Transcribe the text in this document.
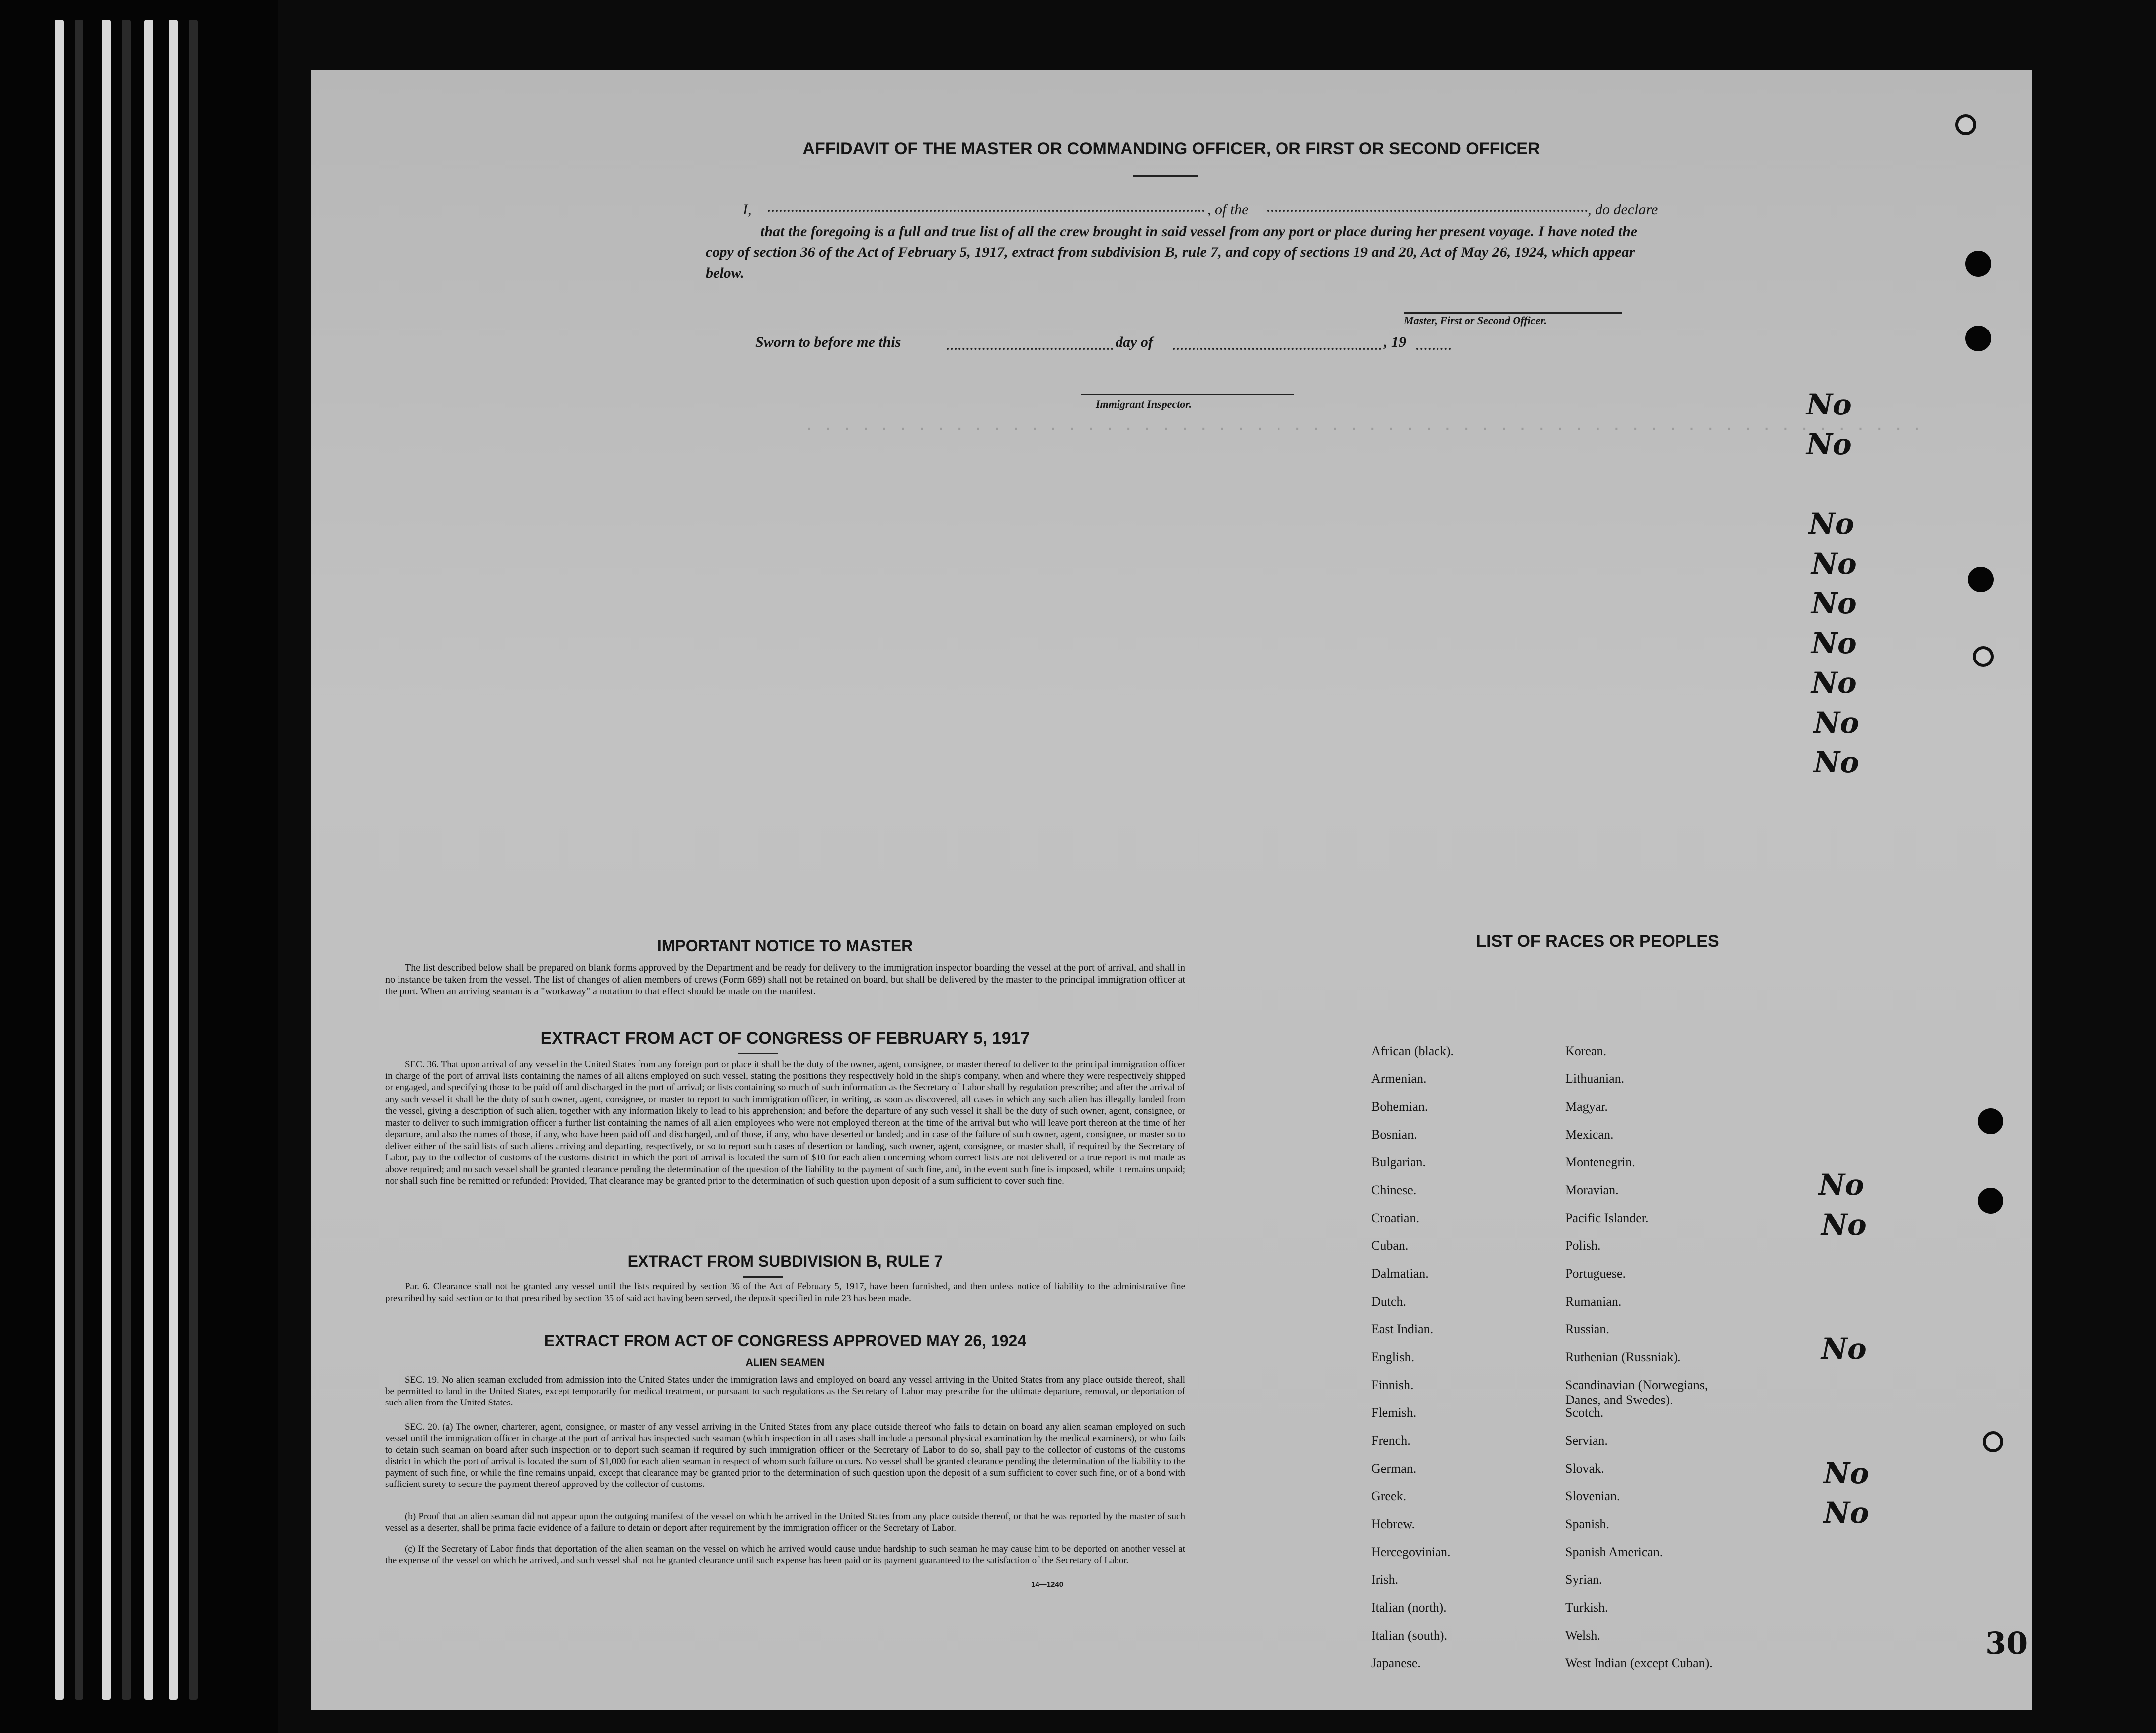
AFFIDAVIT OF THE MASTER OR COMMANDING OFFICER, OR FIRST OR SECOND OFFICER
I,	, of the	, do declare
that the foregoing is a full and true list of all the crew brought in said vessel from any port or place during her present voyage. I have noted the copy of section 36 of the Act of February 5, 1917, extract from subdivision B, rule 7, and copy of sections 19 and 20, Act of May 26, 1924, which appear below.
Master, First or Second Officer.
Sworn to before me this	day of	, 19
Immigrant Inspector.
............................................................
No
No
No
No
No
No
No
No
No
No
No
No
No
No
30
IMPORTANT NOTICE TO MASTER
The list described below shall be prepared on blank forms approved by the Department and be ready for delivery to the immigration inspector boarding the vessel at the port of arrival, and shall in no instance be taken from the vessel. The list of changes of alien members of crews (Form 689) shall not be retained on board, but shall be delivered by the master to the principal immigration officer at the port. When an arriving seaman is a "workaway" a notation to that effect should be made on the manifest.
EXTRACT FROM ACT OF CONGRESS OF FEBRUARY 5, 1917
SEC. 36. That upon arrival of any vessel in the United States from any foreign port or place it shall be the duty of the owner, agent, consignee, or master thereof to deliver to the principal immigration officer in charge of the port of arrival lists containing the names of all aliens employed on such vessel, stating the positions they respectively hold in the ship's company, when and where they were respectively shipped or engaged, and specifying those to be paid off and discharged in the port of arrival; or lists containing so much of such information as the Secretary of Labor shall by regulation prescribe; and after the arrival of any such vessel it shall be the duty of such owner, agent, consignee, or master to report to such immigration officer, in writing, as soon as discovered, all cases in which any such alien has illegally landed from the vessel, giving a description of such alien, together with any information likely to lead to his apprehension; and before the departure of any such vessel it shall be the duty of such owner, agent, consignee, or master to deliver to such immigration officer a further list containing the names of all alien employees who were not employed thereon at the time of the arrival but who will leave port thereon at the time of her departure, and also the names of those, if any, who have been paid off and discharged, and of those, if any, who have deserted or landed; and in case of the failure of such owner, agent, consignee, or master so to deliver either of the said lists of such aliens arriving and departing, respectively, or so to report such cases of desertion or landing, such owner, agent, consignee, or master shall, if required by the Secretary of Labor, pay to the collector of customs of the customs district in which the port of arrival is located the sum of $10 for each alien concerning whom correct lists are not delivered or a true report is not made as above required; and no such vessel shall be granted clearance pending the determination of the question of the liability to the payment of such fine, and, in the event such fine is imposed, while it remains unpaid; nor shall such fine be remitted or refunded: Provided, That clearance may be granted prior to the determination of such question upon deposit of a sum sufficient to cover such fine.
EXTRACT FROM SUBDIVISION B, RULE 7
Par. 6. Clearance shall not be granted any vessel until the lists required by section 36 of the Act of February 5, 1917, have been furnished, and then unless notice of liability to the administrative fine prescribed by said section or to that prescribed by section 35 of said act having been served, the deposit specified in rule 23 has been made.
EXTRACT FROM ACT OF CONGRESS APPROVED MAY 26, 1924
ALIEN SEAMEN
SEC. 19. No alien seaman excluded from admission into the United States under the immigration laws and employed on board any vessel arriving in the United States from any place outside thereof, shall be permitted to land in the United States, except temporarily for medical treatment, or pursuant to such regulations as the Secretary of Labor may prescribe for the ultimate departure, removal, or deportation of such alien from the United States.
SEC. 20. (a) The owner, charterer, agent, consignee, or master of any vessel arriving in the United States from any place outside thereof who fails to detain on board any alien seaman employed on such vessel until the immigration officer in charge at the port of arrival has inspected such seaman (which inspection in all cases shall include a personal physical examination by the medical examiners), or who fails to detain such seaman on board after such inspection or to deport such seaman if required by such immigration officer or the Secretary of Labor to do so, shall pay to the collector of customs of the customs district in which the port of arrival is located the sum of $1,000 for each alien seaman in respect of whom such failure occurs. No vessel shall be granted clearance pending the determination of the liability to the payment of such fine, or while the fine remains unpaid, except that clearance may be granted prior to the determination of such question upon the deposit of a sum sufficient to cover such fine, or of a bond with sufficient surety to secure the payment thereof approved by the collector of customs.
(b) Proof that an alien seaman did not appear upon the outgoing manifest of the vessel on which he arrived in the United States from any place outside thereof, or that he was reported by the master of such vessel as a deserter, shall be prima facie evidence of a failure to detain or deport after requirement by the immigration officer or the Secretary of Labor.
(c) If the Secretary of Labor finds that deportation of the alien seaman on the vessel on which he arrived would cause undue hardship to such seaman he may cause him to be deported on another vessel at the expense of the vessel on which he arrived, and such vessel shall not be granted clearance until such expense has been paid or its payment guaranteed to the satisfaction of the Secretary of Labor.
14—1240
LIST OF RACES OR PEOPLES
African (black).
Armenian.
Bohemian.
Bosnian.
Bulgarian.
Chinese.
Croatian.
Cuban.
Dalmatian.
Dutch.
East Indian.
English.
Finnish.
Flemish.
French.
German.
Greek.
Hebrew.
Hercegovinian.
Irish.
Italian (north).
Italian (south).
Japanese.
Korean.
Lithuanian.
Magyar.
Mexican.
Montenegrin.
Moravian.
Pacific Islander.
Polish.
Portuguese.
Rumanian.
Russian.
Ruthenian (Russniak).
Scandinavian (Norwegians, Danes, and Swedes).
Scotch.
Servian.
Slovak.
Slovenian.
Spanish.
Spanish American.
Syrian.
Turkish.
Welsh.
West Indian (except Cuban).
